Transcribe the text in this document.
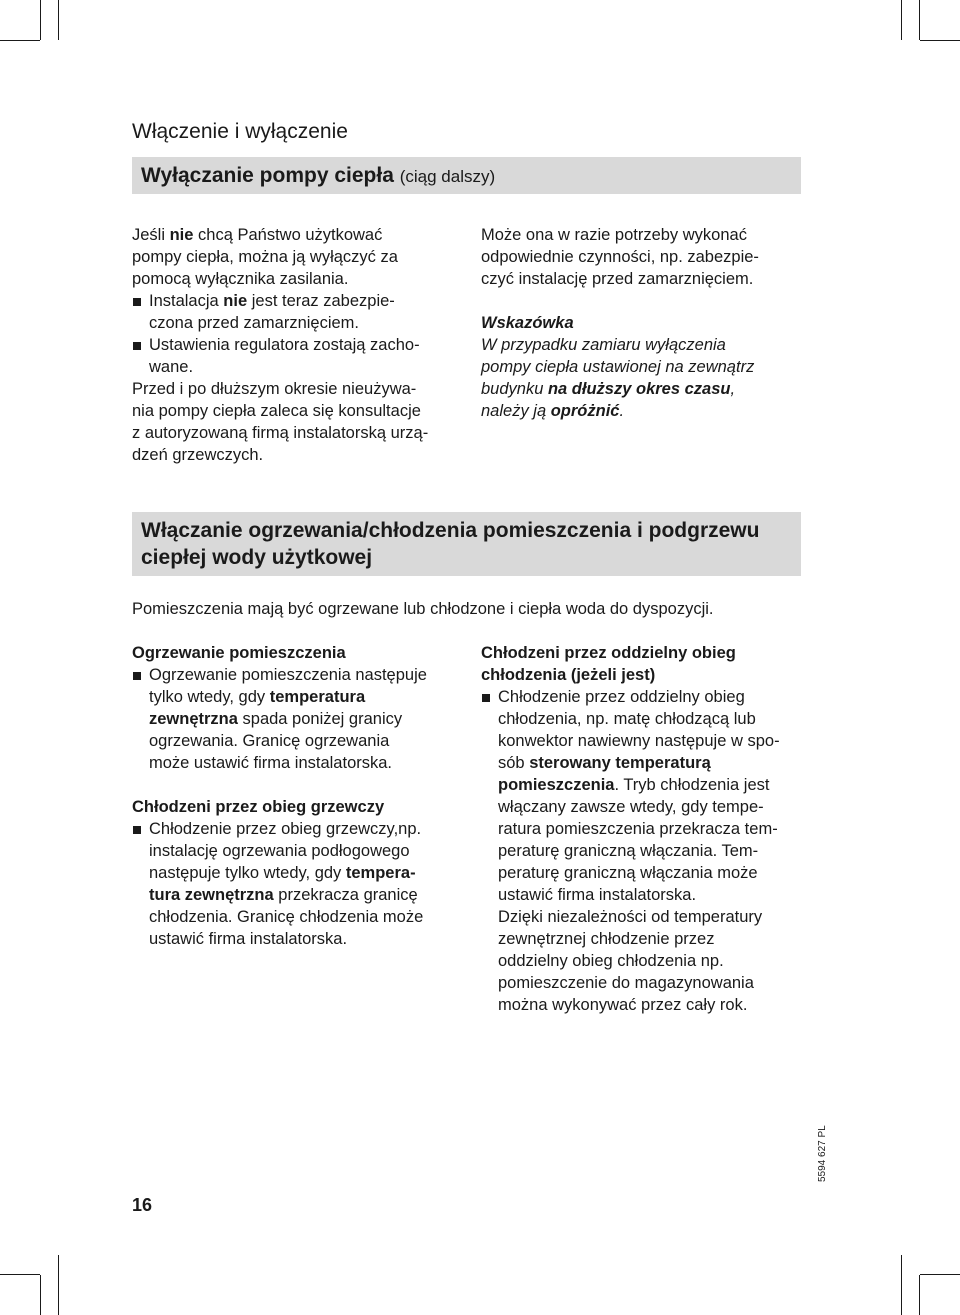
Włączenie i wyłączenie
Wyłączanie pompy ciepła (ciąg dalszy)
Jeśli nie chcą Państwo użytkować
pompy ciepła, można ją wyłączyć za
pomocą wyłącznika zasilania.
Instalacja nie jest teraz zabezpie-
czona przed zamarznięciem.
Ustawienia regulatora zostają zacho-
wane.
Przed i po dłuższym okresie nieużywa-
nia pompy ciepła zaleca się konsultacje
z autoryzowaną firmą instalatorską urzą-
dzeń grzewczych.
Może ona w razie potrzeby wykonać
odpowiednie czynności, np. zabezpie-
czyć instalację przed zamarznięciem.
Wskazówka
W przypadku zamiaru wyłączenia
pompy ciepła ustawionej na zewnątrz
budynku na dłuższy okres czasu,
należy ją opróżnić.
Włączanie ogrzewania/chłodzenia pomieszczenia i podgrzewu
ciepłej wody użytkowej
Pomieszczenia mają być ogrzewane lub chłodzone i ciepła woda do dyspozycji.
Ogrzewanie pomieszczenia
Ogrzewanie pomieszczenia następuje
tylko wtedy, gdy temperatura
zewnętrzna spada poniżej granicy
ogrzewania. Granicę ogrzewania
może ustawić firma instalatorska.
Chłodzeni przez obieg grzewczy
Chłodzenie przez obieg grzewczy,np.
instalację ogrzewania podłogowego
następuje tylko wtedy, gdy tempera-
tura zewnętrzna przekracza granicę
chłodzenia. Granicę chłodzenia może
ustawić firma instalatorska.
Chłodzeni przez oddzielny obieg
chłodzenia (jeżeli jest)
Chłodzenie przez oddzielny obieg
chłodzenia, np. matę chłodzącą lub
konwektor nawiewny następuje w spo-
sób sterowany temperaturą
pomieszczenia. Tryb chłodzenia jest
włączany zawsze wtedy, gdy tempe-
ratura pomieszczenia przekracza tem-
peraturę graniczną włączania. Tem-
peraturę graniczną włączania może
ustawić firma instalatorska.
Dzięki niezależności od temperatury
zewnętrznej chłodzenie przez
oddzielny obieg chłodzenia np.
pomieszczenie do magazynowania
można wykonywać przez cały rok.
16
5594 627 PL
